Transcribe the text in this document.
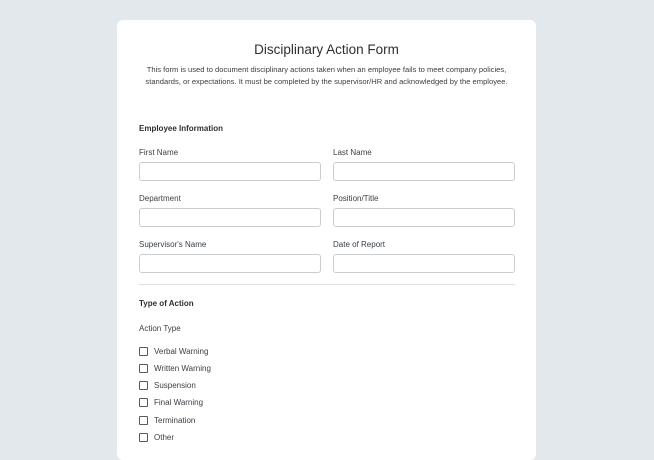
Disciplinary Action Form
This form is used to document disciplinary actions taken when an employee fails to meet company policies, standards, or expectations. It must be completed by the supervisor/HR and acknowledged by the employee.
Employee Information
First Name	Last Name
Department	Position/Title
Supervisor's Name	Date of Report
Type of Action
Action Type
Verbal Warning
Written Warning
Suspension
Final Warning
Termination
Other
